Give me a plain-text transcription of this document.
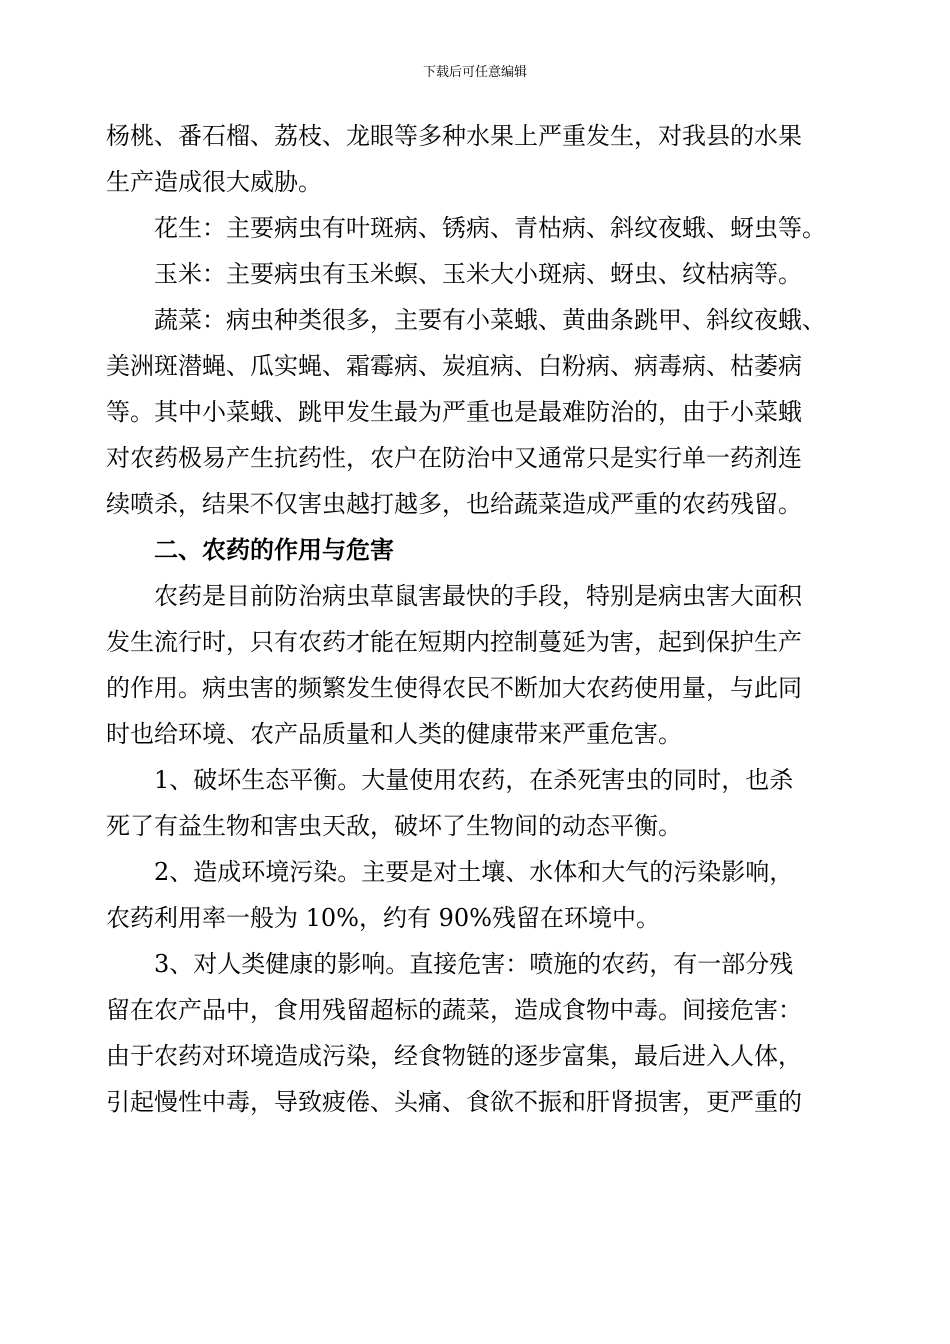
下载后可任意编辑
杨桃、番石榴、荔枝、龙眼等多种水果上严重发生，对我县的水果
生产造成很大威胁。
花生：主要病虫有叶斑病、锈病、青枯病、斜纹夜蛾、蚜虫等。
玉米：主要病虫有玉米螟、玉米大小斑病、蚜虫、纹枯病等。
蔬菜：病虫种类很多，主要有小菜蛾、黄曲条跳甲、斜纹夜蛾、
美洲斑潜蝇、瓜实蝇、霜霉病、炭疽病、白粉病、病毒病、枯萎病
等。其中小菜蛾、跳甲发生最为严重也是最难防治的，由于小菜蛾
对农药极易产生抗药性，农户在防治中又通常只是实行单一药剂连
续喷杀，结果不仅害虫越打越多，也给蔬菜造成严重的农药残留。
二、农药的作用与危害
农药是目前防治病虫草鼠害最快的手段，特别是病虫害大面积
发生流行时，只有农药才能在短期内控制蔓延为害，起到保护生产
的作用。病虫害的频繁发生使得农民不断加大农药使用量，与此同
时也给环境、农产品质量和人类的健康带来严重危害。
1、破坏生态平衡。大量使用农药，在杀死害虫的同时，也杀
死了有益生物和害虫天敌，破坏了生物间的动态平衡。
2、造成环境污染。主要是对土壤、水体和大气的污染影响，
农药利用率一般为 10%，约有 90%残留在环境中。
3、对人类健康的影响。直接危害：喷施的农药，有一部分残
留在农产品中，食用残留超标的蔬菜，造成食物中毒。间接危害：
由于农药对环境造成污染，经食物链的逐步富集，最后进入人体，
引起慢性中毒，导致疲倦、头痛、食欲不振和肝肾损害，更严重的
